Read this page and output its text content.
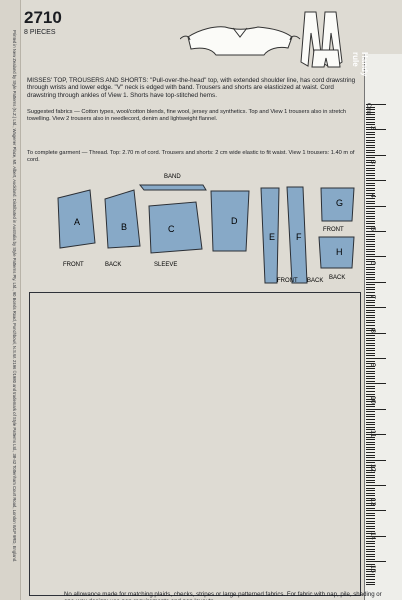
Printed in New Zealand by Style Patterns (N.Z.) Ltd., Wagener Place, Mt. Albert, Auckland. Distributed in Australia by Style Patterns Pty. Ltd., 90 Bonds Road, Punchbowl, N.S.W. 2196 ©1980 and trademark of Style Patterns Ltd., 38-42 Tottenham Court Road, London W1P 9RD, England.
2710
8 PIECES
MISSES' TOP, TROUSERS AND SHORTS: "Pull-over-the-head" top, with extended shoulder line, has cord drawstring through wrists and lower edge. "V" neck is edged with band. Trousers and shorts are elasticized at waist. Cord drawstring through ankles of View 1. Shorts have top-stitched hems.
Suggested fabrics — Cotton types, wool/cotton blends, fine wool, jersey and synthetics. Top and View 1 trousers also in stretch towelling. View 2 trousers also in needlecord, denim and lightweight flannel.
To complete garment — Thread. Top: 2.70 m of cord. Trousers and shorts: 2 cm wide elastic to fit waist. View 1 trousers: 1.40 m of cord.
BAND
A
FRONT
B
BACK
C
SLEEVE
D
E F
FRONT BACK
G
FRONT
H
BACK
Handy rule
2
3
4
5
6
7
8
9
10
11
12
13
14
15
No allowance made for matching plaids, checks, stripes or large patterned fabrics. For fabric with nap, pile, shading or
